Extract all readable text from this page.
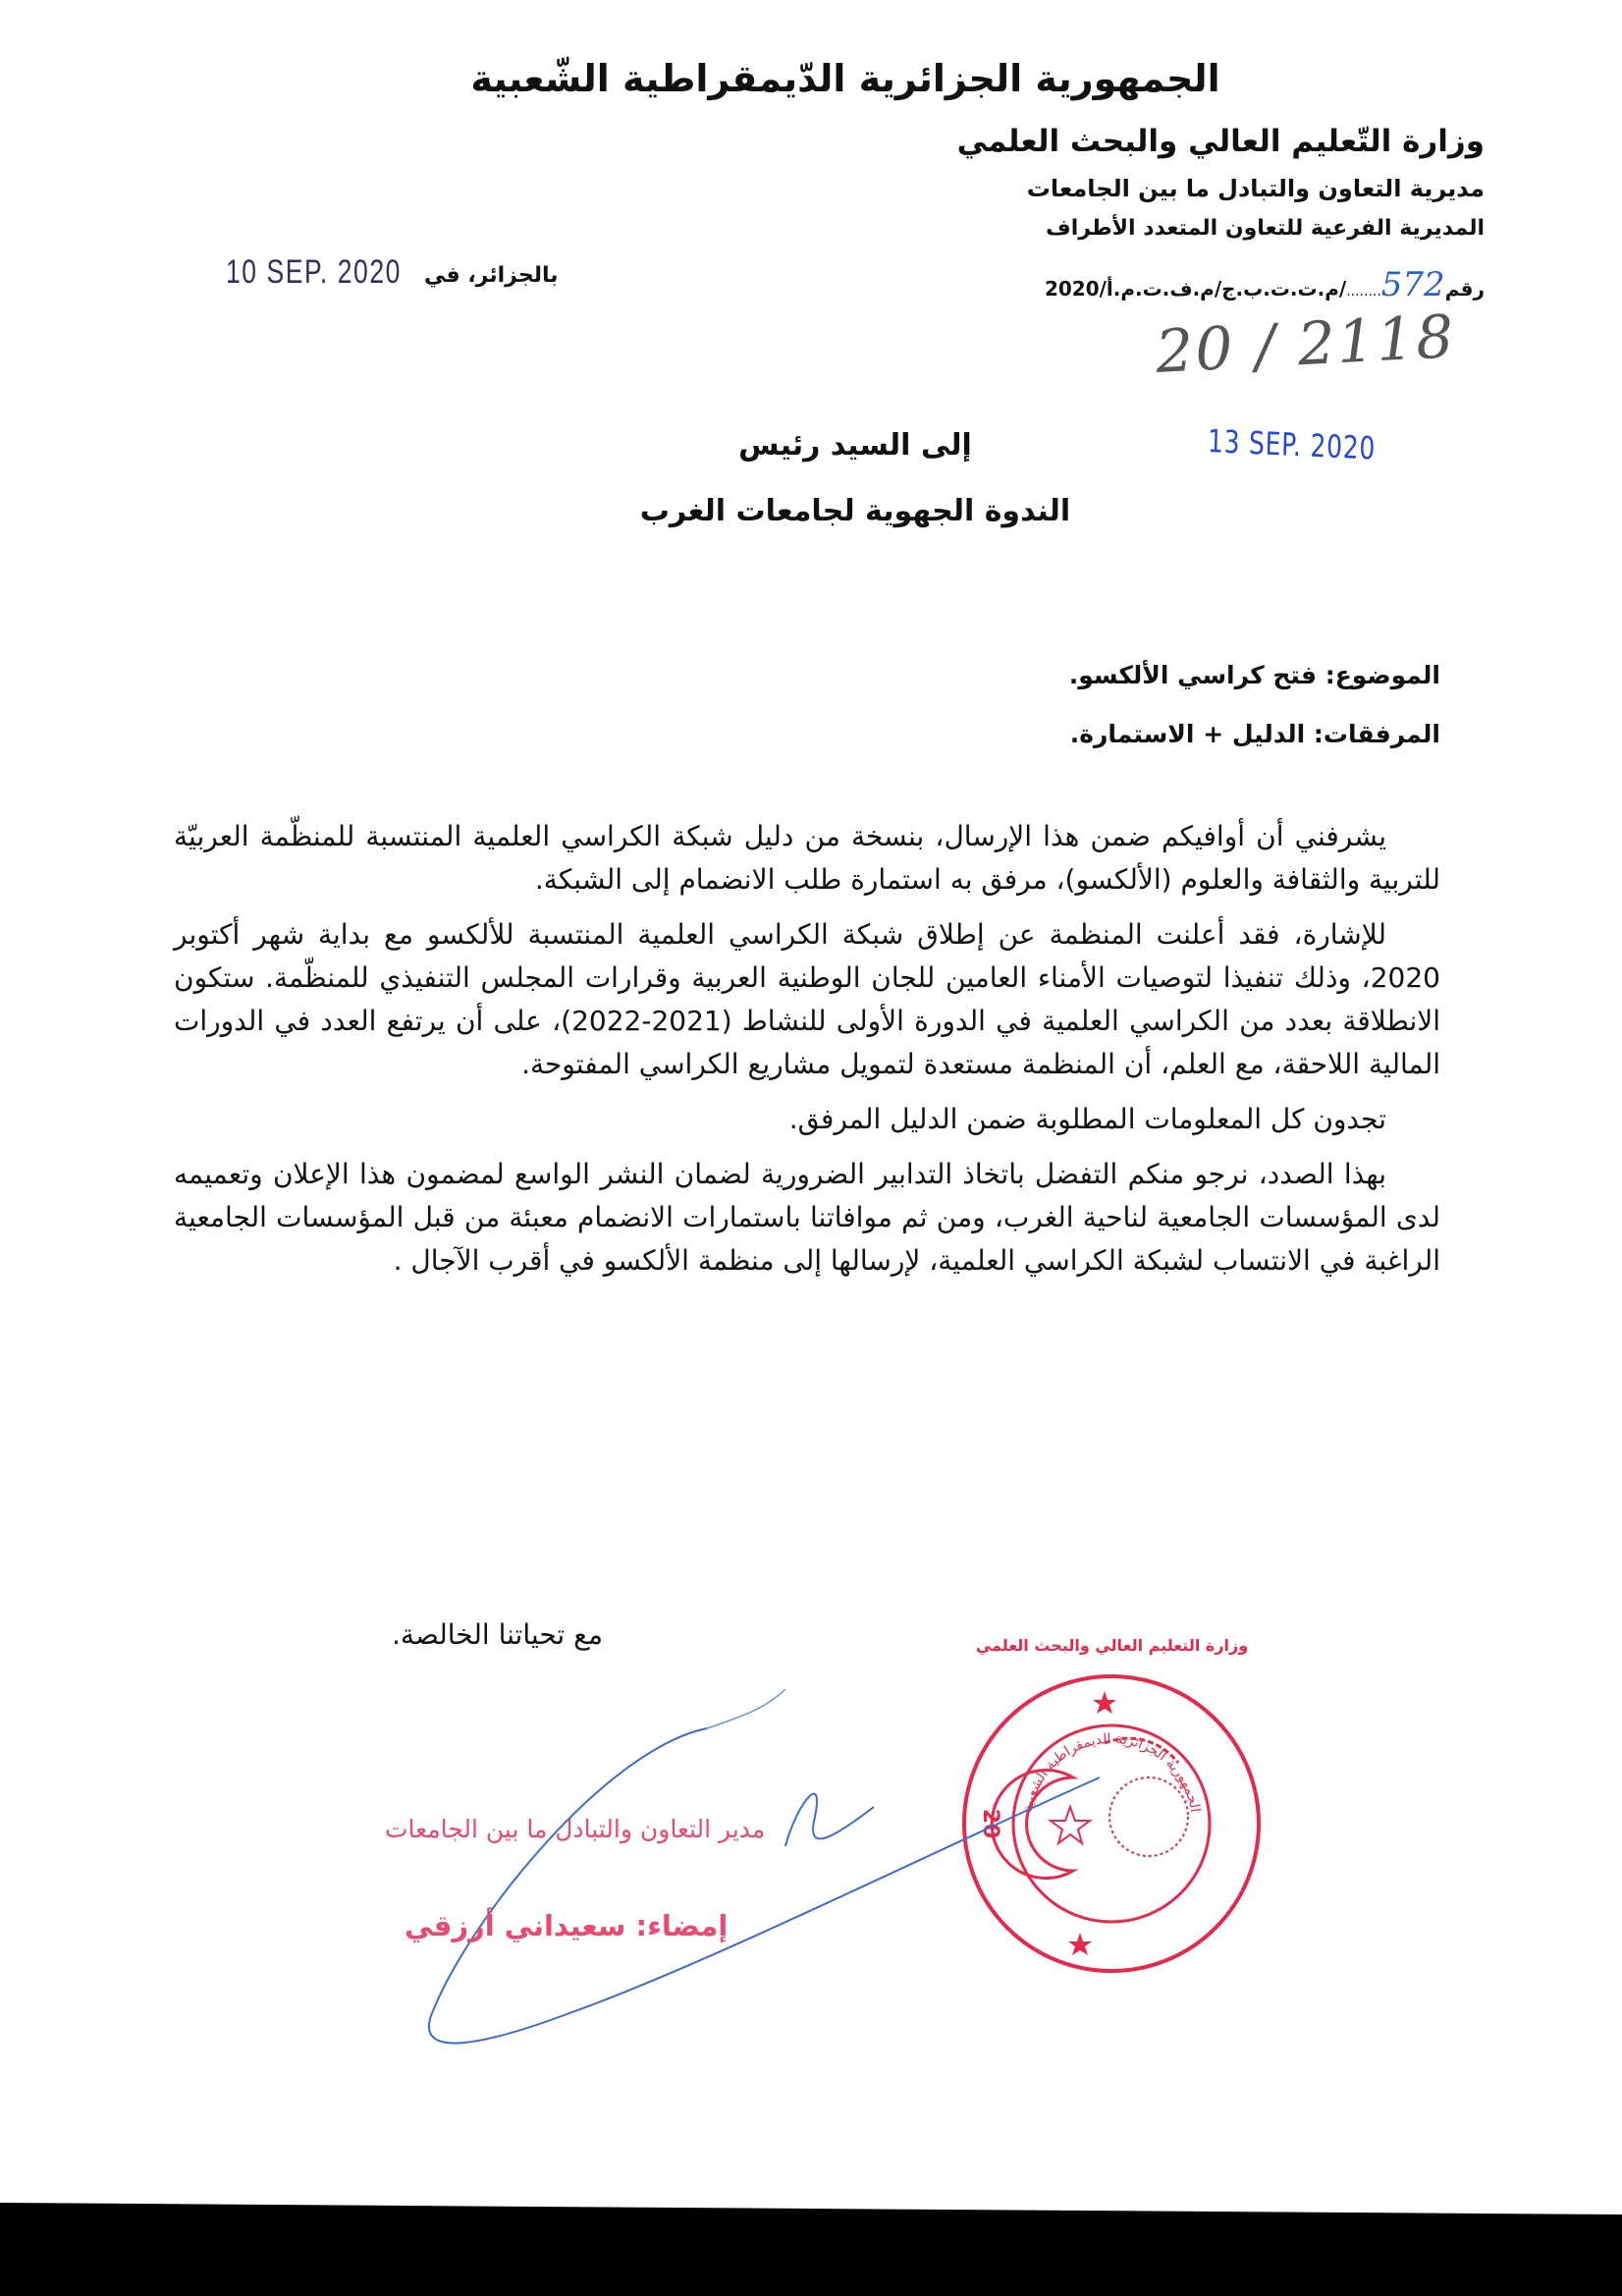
الجمهورية الجزائرية الدّيمقراطية الشّعبية
وزارة التّعليم العالي والبحث العلمي
مديرية التعاون والتبادل ما بين الجامعات
المديرية الفرعية للتعاون المتعدد الأطراف
رقم572......../م.ت.ت.ب.ج/م.ف.ت.م.أ/2020
20 / 2118
بالجزائر، في
10 SEP. 2020
13 SEP. 2020
إلى السيد رئيس
الندوة الجهوية لجامعات الغرب
الموضوع: فتح كراسي الألكسو.
المرفقات: الدليل + الاستمارة.

يشرفني أن أوافيكم ضمن هذا الإرسال، بنسخة من دليل شبكة الكراسي العلمية المنتسبة للمنظّمة العربيّة للتربية والثقافة والعلوم (الألكسو)، مرفق به استمارة طلب الانضمام إلى الشبكة.

للإشارة، فقد أعلنت المنظمة عن إطلاق شبكة الكراسي العلمية المنتسبة للألكسو مع بداية شهر أكتوبر 2020، وذلك تنفيذا لتوصيات الأمناء العامين للجان الوطنية العربية وقرارات المجلس التنفيذي للمنظّمة. ستكون الانطلاقة بعدد من الكراسي العلمية في الدورة الأولى للنشاط (2021-2022)، على أن يرتفع العدد في الدورات المالية اللاحقة، مع العلم، أن المنظمة مستعدة لتمويل مشاريع الكراسي المفتوحة.

تجدون كل المعلومات المطلوبة ضمن الدليل المرفق.

بهذا الصدد، نرجو منكم التفضل باتخاذ التدابير الضرورية لضمان النشر الواسع لمضمون هذا الإعلان وتعميمه لدى المؤسسات الجامعية لناحية الغرب، ومن ثم موافاتنا باستمارات الانضمام معبئة من قبل المؤسسات الجامعية الراغبة في الانتساب لشبكة الكراسي العلمية، لإرسالها إلى منظمة الألكسو في أقرب الآجال .

مع تحياتنا الخالصة.
الجمهورية الجزائرية الديمقراطية الشعبية
20
وزارة التعليم العالي والبحث العلمي
مدير التعاون والتبادل ما بين الجامعات
إمضاء: سعيداني أرزقي
